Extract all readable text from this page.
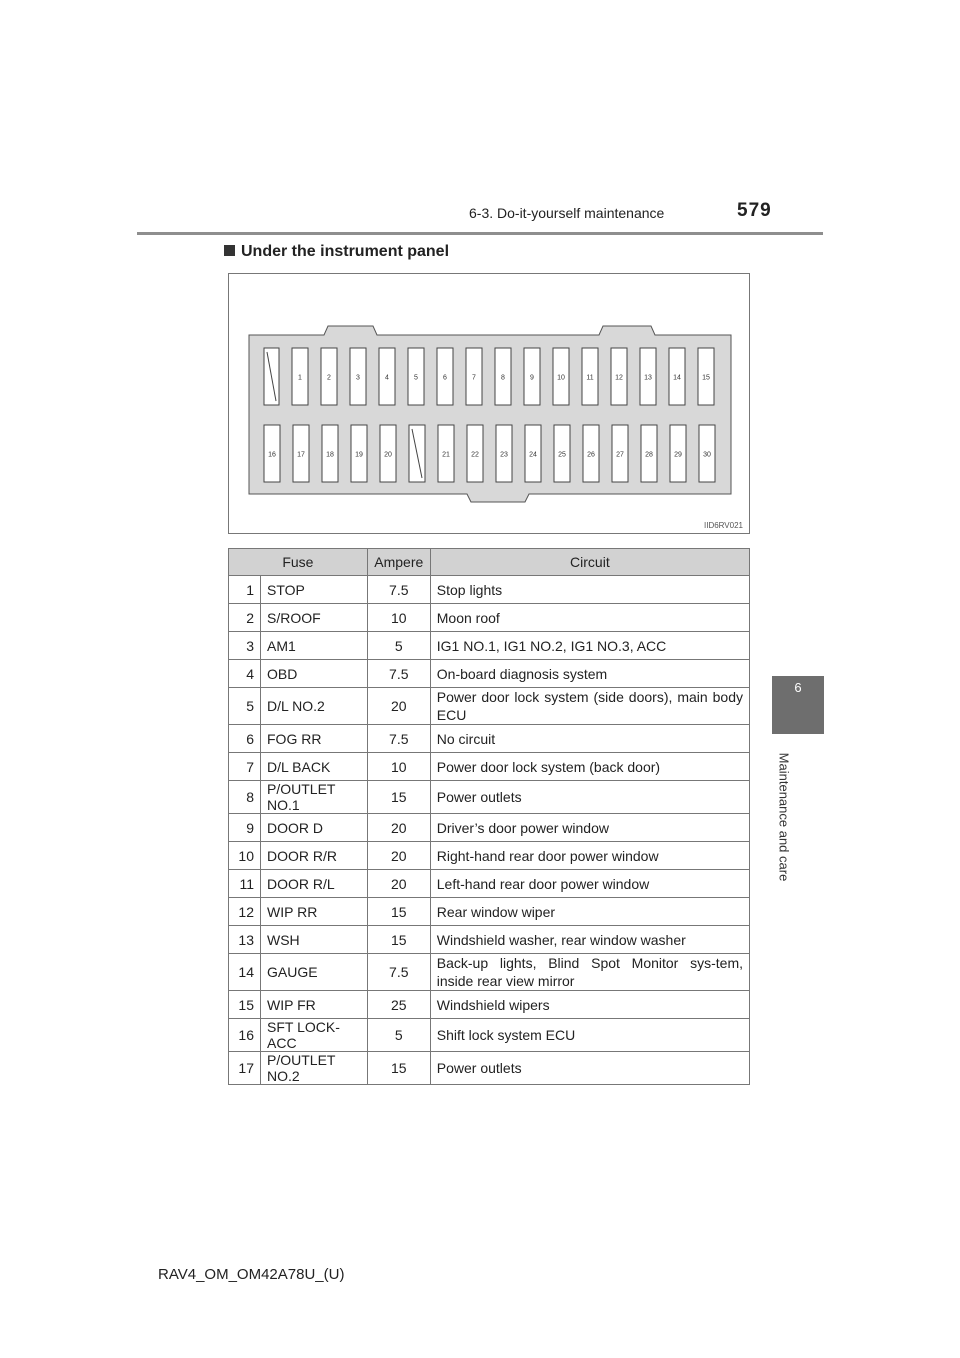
6-3. Do-it-yourself maintenance	579
6
Maintenance and care
Under the instrument panel
1	2	3	4	5	6	7	8	9	10	11	12	13	14	15
16	17	18	19	20	21	22	23	24	25	26	27	28	29	30
IID6RV021
Fuse		Ampere	Circuit
1	STOP	7.5	Stop lights
2	S/ROOF	10	Moon roof
3	AM1	5	IG1 NO.1, IG1 NO.2, IG1 NO.3, ACC
4	OBD	7.5	On-board diagnosis system
5	D/L NO.2	20	Power door lock system (side doors), main body ECU
6	FOG RR	7.5	No circuit
7	D/L BACK	10	Power door lock system (back door)
8	P/OUTLET NO.1	15	Power outlets
9	DOOR D	20	Driver’s door power window
10	DOOR R/R	20	Right-hand rear door power window
11	DOOR R/L	20	Left-hand rear door power window
12	WIP RR	15	Rear window wiper
13	WSH	15	Windshield washer, rear window washer
14	GAUGE	7.5	Back-up lights, Blind Spot Monitor sys-tem, inside rear view mirror
15	WIP FR	25	Windshield wipers
16	SFT LOCK-ACC	5	Shift lock system ECU
17	P/OUTLET NO.2	15	Power outlets
RAV4_OM_OM42A78U_(U)
